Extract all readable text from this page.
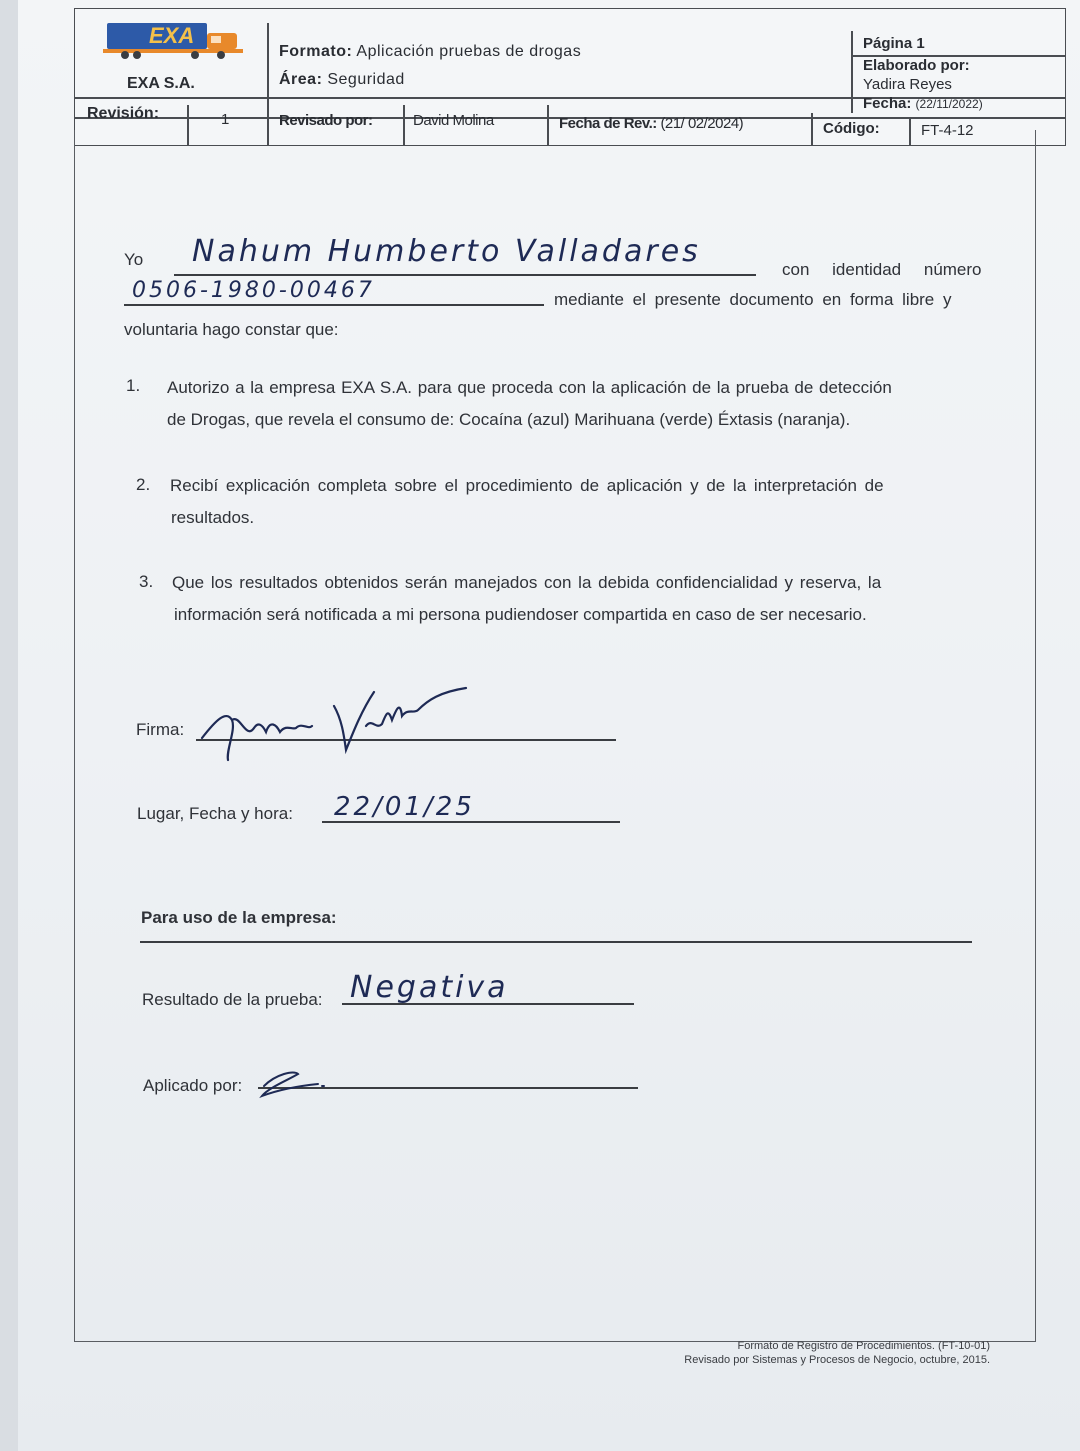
EXA
EXA S.A.
Formato: Aplicación pruebas de drogas
Área: Seguridad
Página 1
Elaborado por:
Yadira Reyes
Fecha: (22/11/2022)
Revisión:	1	Revisado por:	David Molina	Fecha de Rev.: (21/ 02/2024)	Código:	FT-4-12
Yo Nahum Humberto Valladares
con identidad número
0506-1980-00467	mediante el presente documento en forma libre y
voluntaria hago constar que:
1. Autorizo a la empresa EXA S.A. para que proceda con la aplicación de la prueba de detección
de Drogas, que revela el consumo de: Cocaína (azul) Marihuana (verde) Éxtasis (naranja).
2. Recibí explicación completa sobre el procedimiento de aplicación y de la interpretación de
resultados.
3. Que los resultados obtenidos serán manejados con la debida confidencialidad y reserva, la
información será notificada a mi persona pudiendoser compartida en caso de ser necesario.
Firma:
Lugar, Fecha y hora: 22/01/25
Para uso de la empresa:
Resultado de la prueba: Negativa
Aplicado por:
Formato de Registro de Procedimientos. (FT-10-01)
Revisado por Sistemas y Procesos de Negocio, octubre, 2015.
